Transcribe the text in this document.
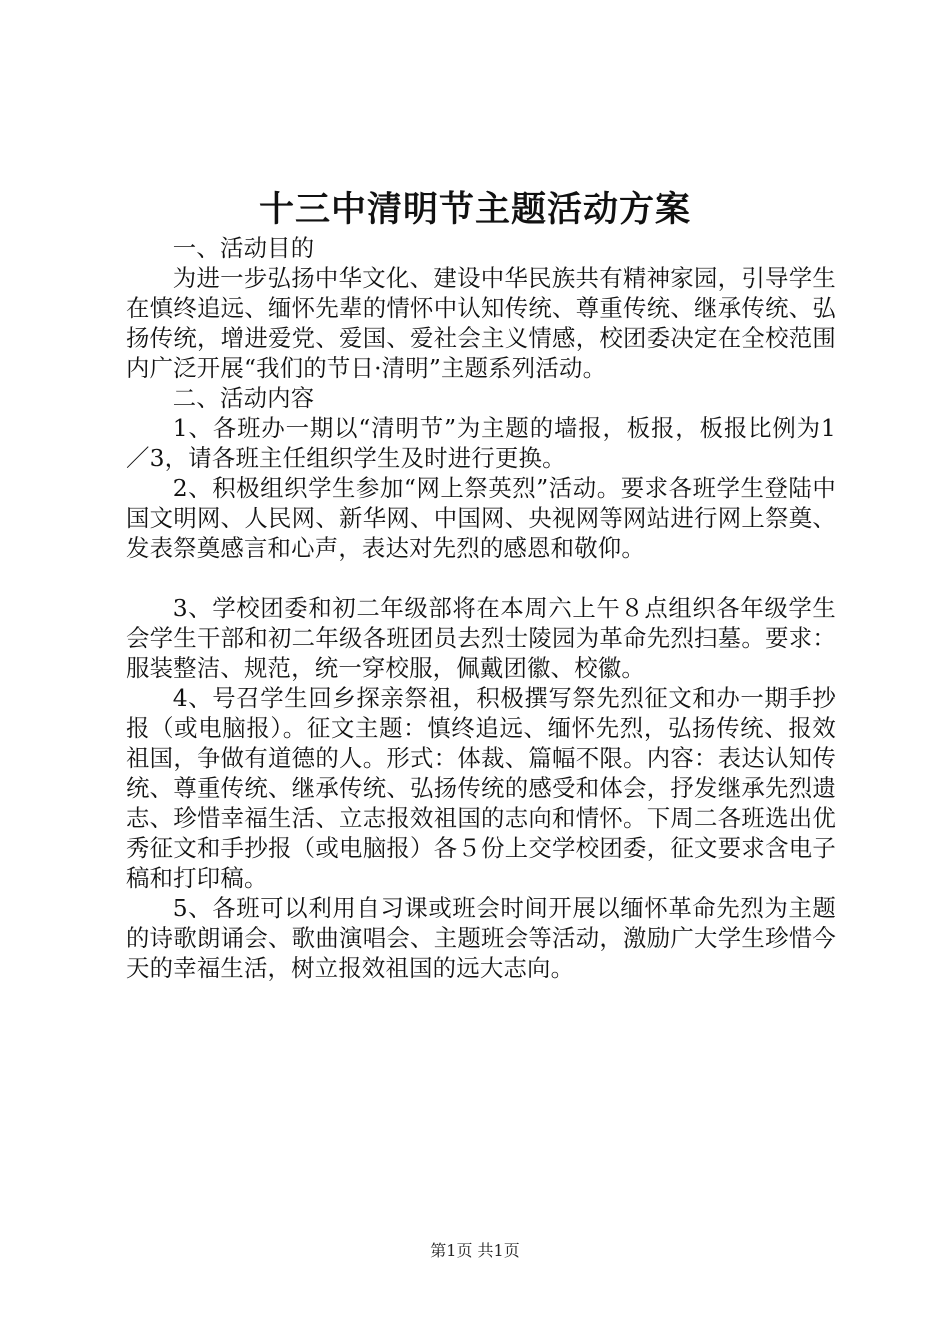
十三中清明节主题活动方案

一、活动目的

为进一步弘扬中华文化、建设中华民族共有精神家园，引导学生在慎终追远、缅怀先辈的情怀中认知传统、尊重传统、继承传统、弘扬传统，增进爱党、爱国、爱社会主义情感，校团委决定在全校范围内广泛开展“我们的节日·清明”主题系列活动。

二、活动内容

1、各班办一期以“清明节”为主题的墙报，板报，板报比例为1／3，请各班主任组织学生及时进行更换。

2、积极组织学生参加“网上祭英烈”活动。要求各班学生登陆中国文明网、人民网、新华网、中国网、央视网等网站进行网上祭奠、发表祭奠感言和心声，表达对先烈的感恩和敬仰。

3、学校团委和初二年级部将在本周六上午８点组织各年级学生会学生干部和初二年级各班团员去烈士陵园为革命先烈扫墓。要求：服装整洁、规范，统一穿校服，佩戴团徽、校徽。

4、号召学生回乡探亲祭祖，积极撰写祭先烈征文和办一期手抄报（或电脑报）。征文主题：慎终追远、缅怀先烈，弘扬传统、报效祖国，争做有道德的人。形式：体裁、篇幅不限。内容：表达认知传统、尊重传统、继承传统、弘扬传统的感受和体会，抒发继承先烈遗志、珍惜幸福生活、立志报效祖国的志向和情怀。下周二各班选出优秀征文和手抄报（或电脑报）各５份上交学校团委，征文要求含电子稿和打印稿。

5、各班可以利用自习课或班会时间开展以缅怀革命先烈为主题的诗歌朗诵会、歌曲演唱会、主题班会等活动，激励广大学生珍惜今天的幸福生活，树立报效祖国的远大志向。

第1页 共1页
